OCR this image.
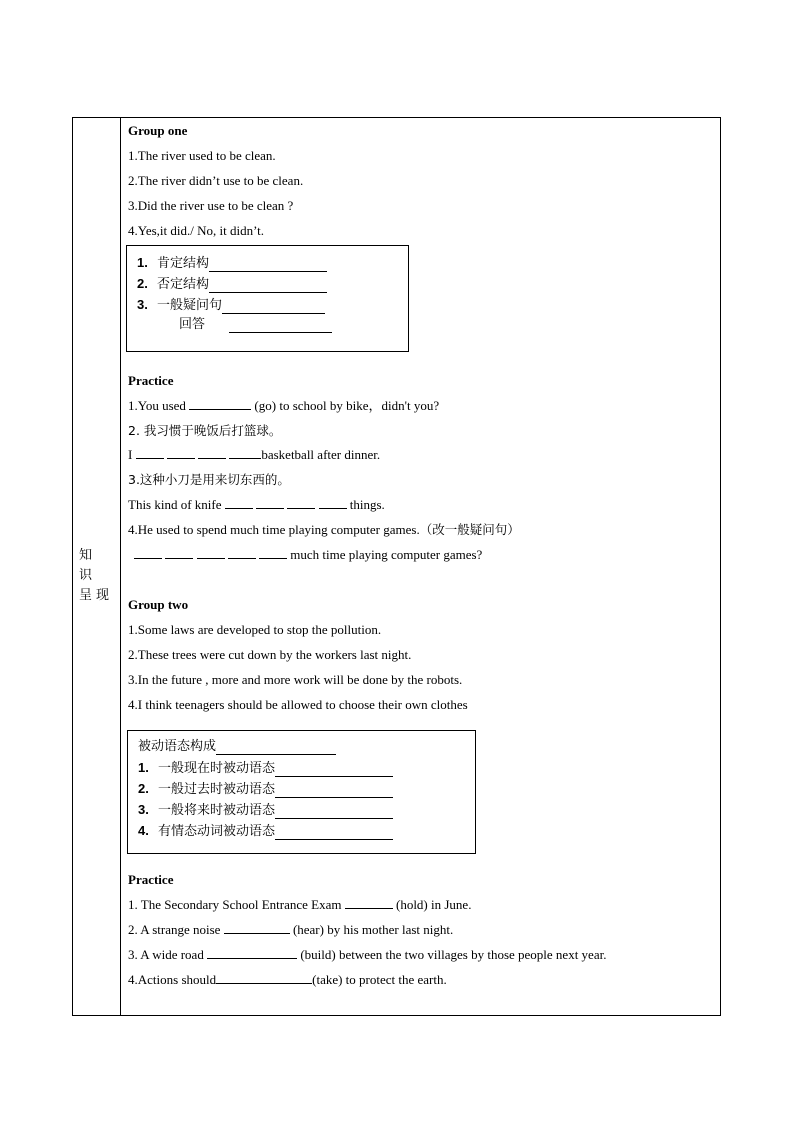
知 识
呈现
Group one
1.The river used to be clean.
2.The river didn’t use to be clean.
3.Did the river use to be clean ?
4.Yes,it did./ No, it didn’t.
1. 肯定结构
2. 否定结构
3. 一般疑问句
回答
Practice
1.You used	(go) to school by bike，didn't you?
2. 我习惯于晚饭后打篮球。
I	basketball after dinner.
3.这种小刀是用来切东西的。
This kind of knife	things.
4.He used to spend much time playing computer games.（改一般疑问句）
much time playing computer games?
Group two
1.Some laws are developed to stop the pollution.
2.These trees were cut down by the workers last night.
3.In the future , more and more work will be done by the robots.
4.I think teenagers should be allowed to choose their own clothes
被动语态构成
1. 一般现在时被动语态
2. 一般过去时被动语态
3. 一般将来时被动语态
4. 有情态动词被动语态
Practice
1. The Secondary School Entrance Exam	(hold) in June.
2. A strange noise	(hear) by his mother last night.
3. A wide road	(build) between the two villages by those people next year.
4.Actions should	(take) to protect the earth.
